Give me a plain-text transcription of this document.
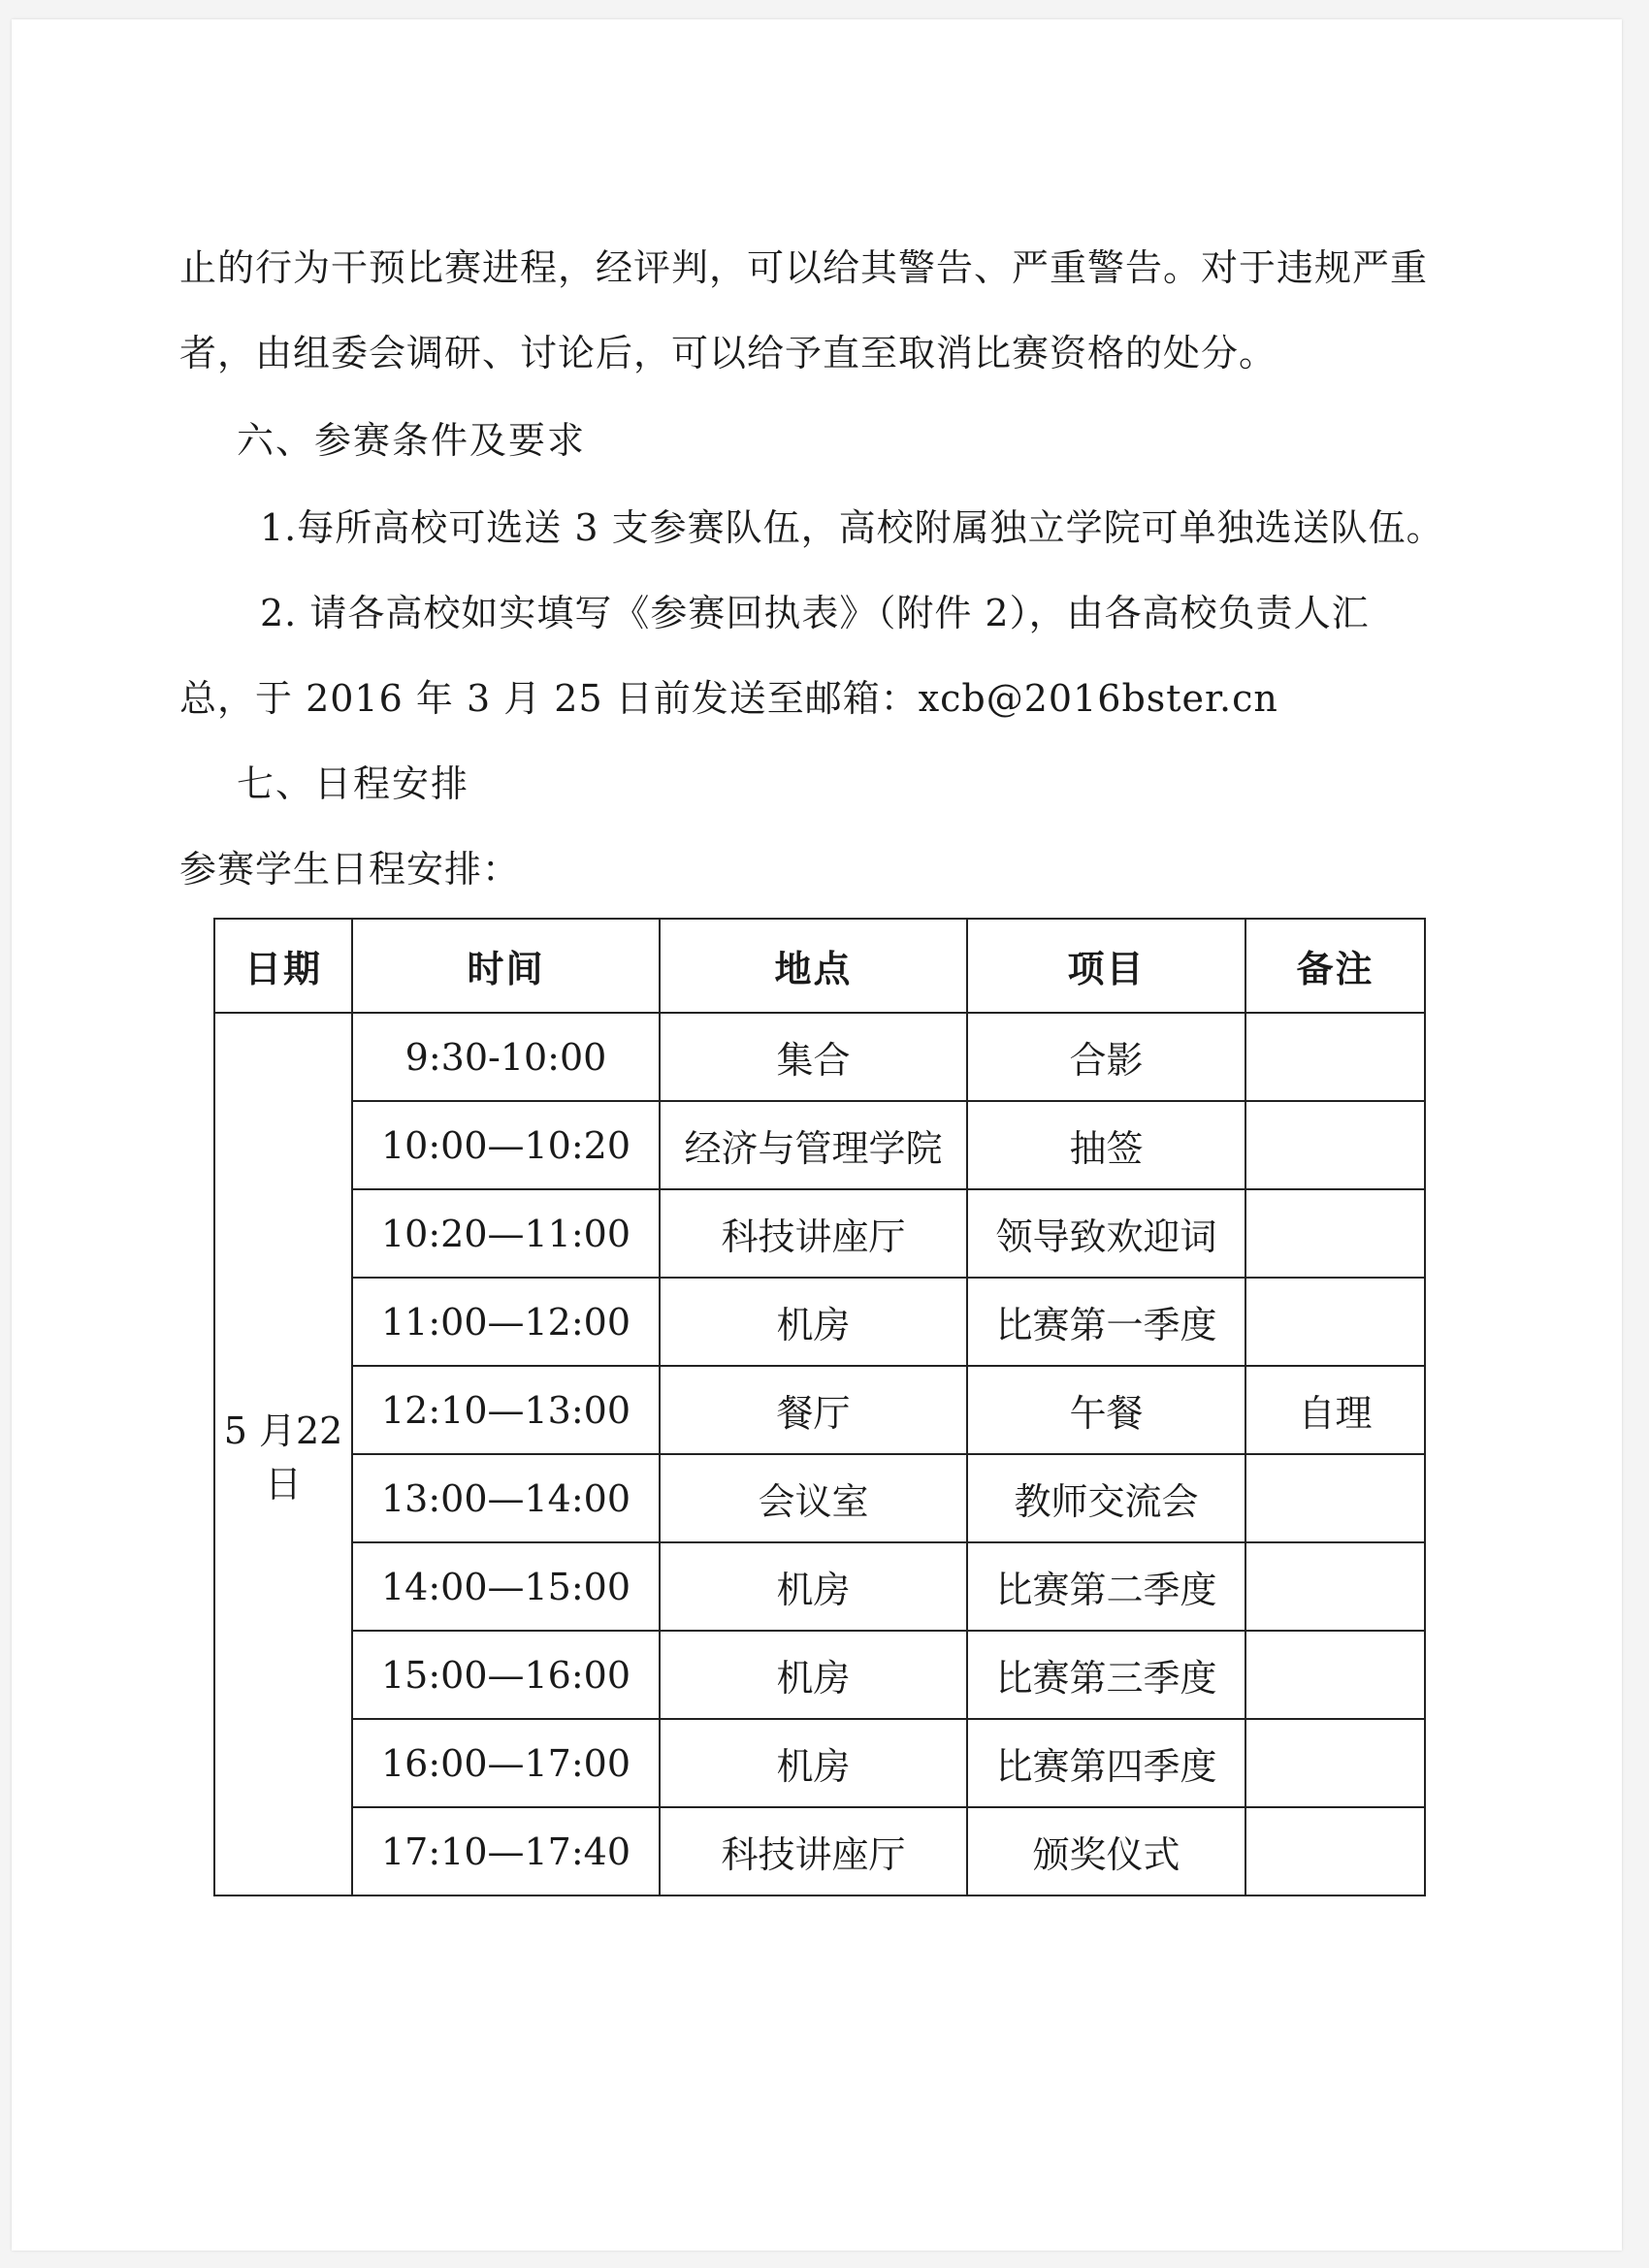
止的行为干预比赛进程，经评判，可以给其警告、严重警告。对于违规严重
者，由组委会调研、讨论后，可以给予直至取消比赛资格的处分。
六、参赛条件及要求
1.每所高校可选送 3 支参赛队伍，高校附属独立学院可单独选送队伍。
2. 请各高校如实填写《参赛回执表》（附件 2），由各高校负责人汇
总，于 2016 年 3 月 25 日前发送至邮箱：xcb@2016bster.cn
七、日程安排
参赛学生日程安排：
日期	时间	地点	项目	备注
5 月22日	9:30-10:00	集合	合影	
	10:00—10:20	经济与管理学院	抽签	
	10:20—11:00	科技讲座厅	领导致欢迎词	
	11:00—12:00	机房	比赛第一季度	
	12:10—13:00	餐厅	午餐	自理
	13:00—14:00	会议室	教师交流会	
	14:00—15:00	机房	比赛第二季度	
	15:00—16:00	机房	比赛第三季度	
	16:00—17:00	机房	比赛第四季度	
	17:10—17:40	科技讲座厅	颁奖仪式	
